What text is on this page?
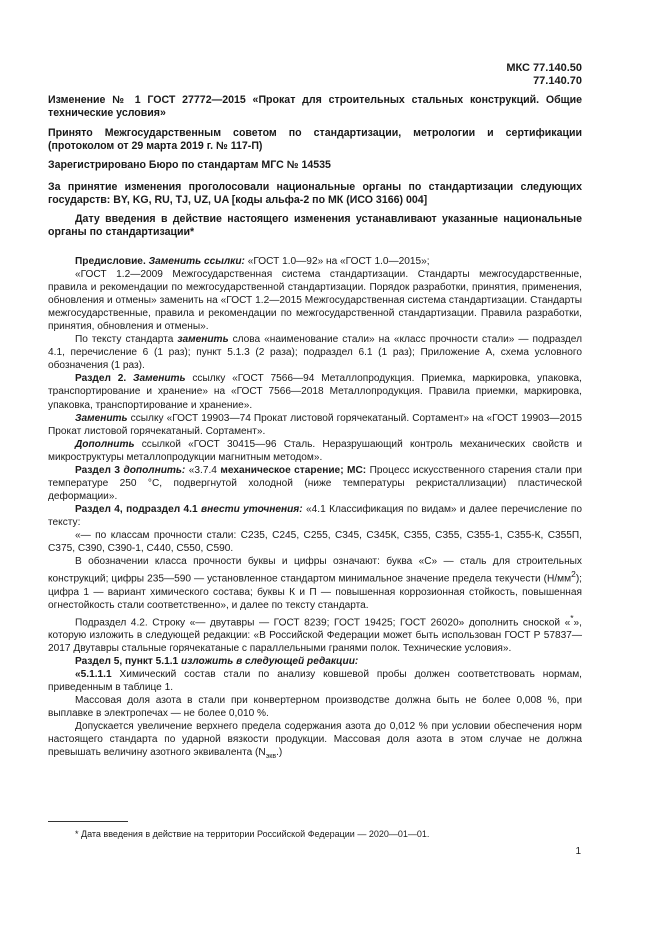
МКС 77.140.50
77.140.70
Изменение № 1 ГОСТ 27772—2015 «Прокат для строительных стальных конструкций. Общие технические условия»
Принято Межгосударственным советом по стандартизации, метрологии и сертификации (протоколом от 29 марта 2019 г. № 117-П)
Зарегистрировано Бюро по стандартам МГС № 14535
За принятие изменения проголосовали национальные органы по стандартизации следующих государств: BY, KG, RU, TJ, UZ, UA [коды альфа-2 по МК (ИСО 3166) 004]
Дату введения в действие настоящего изменения устанавливают указанные национальные органы по стандартизации*

Предисловие. Заменить ссылки: «ГОСТ 1.0—92» на «ГОСТ 1.0—2015»;

«ГОСТ 1.2—2009 Межгосударственная система стандартизации. Стандарты межгосударственные, правила и рекомендации по межгосударственной стандартизации. Порядок разработки, принятия, применения, обновления и отмены» заменить на «ГОСТ 1.2—2015 Межгосударственная система стандартизации. Стандарты межгосударственные, правила и рекомендации по межгосударственной стандартизации. Правила разработки, принятия, обновления и отмены».

По тексту стандарта заменить слова «наименование стали» на «класс прочности стали» — подраздел 4.1, перечисление 6 (1 раз); пункт 5.1.3 (2 раза); подраздел 6.1 (1 раз); Приложение А, схема условного обозначения (1 раз).

Раздел 2. Заменить ссылку «ГОСТ 7566—94 Металлопродукция. Приемка, маркировка, упаковка, транспортирование и хранение» на «ГОСТ 7566—2018 Металлопродукция. Правила приемки, маркировка, упаковка, транспортирование и хранение».

Заменить ссылку «ГОСТ 19903—74 Прокат листовой горячекатаный. Сортамент» на «ГОСТ 19903—2015 Прокат листовой горячекатаный. Сортамент».

Дополнить ссылкой «ГОСТ 30415—96 Сталь. Неразрушающий контроль механических свойств и микроструктуры металлопродукции магнитным методом».

Раздел 3 дополнить: «3.7.4 механическое старение; МС: Процесс искусственного старения стали при температуре 250 °С, подвергнутой холодной (ниже температуры рекристаллизации) пластической деформации».

Раздел 4, подраздел 4.1 внести уточнения: «4.1 Классификация по видам» и далее перечисление по тексту:

«— по классам прочности стали: С235, С245, С255, С345, С345К, С355, С355, С355-1, С355-К, С355П, С375, С390, С390-1, С440, С550, С590.

В обозначении класса прочности буквы и цифры означают: буква «С» — сталь для строительных конструкций; цифры 235—590 — установленное стандартом минимальное значение предела текучести $(Н/мм^2)$; цифра 1 — вариант химического состава; буквы К и П — повышенная коррозионная стойкость, повышенная огнестойкость стали соответственно», и далее по тексту стандарта.

Подраздел 4.2. Строку «— двутавры — ГОСТ 8239; ГОСТ 19425; ГОСТ 26020» дополнить сноской «*», которую изложить в следующей редакции: «В Российской Федерации может быть использован ГОСТ Р 57837—2017 Двутавры стальные горячекатаные с параллельными гранями полок. Технические условия».

Раздел 5, пункт 5.1.1 изложить в следующей редакции:

«5.1.1.1 Химический состав стали по анализу ковшевой пробы должен соответствовать нормам, приведенным в таблице 1.

Массовая доля азота в стали при конвертерном производстве должна быть не более 0,008 %, при выплавке в электропечах — не более 0,010 %.

Допускается увеличение верхнего предела содержания азота до 0,012 % при условии обеспечения норм настоящего стандарта по ударной вязкости продукции. Массовая доля азота в этом случае не должна превышать величину азотного эквивалента $(N_{экв}.)$

* Дата введения в действие на территории Российской Федерации — 2020—01—01.
1
